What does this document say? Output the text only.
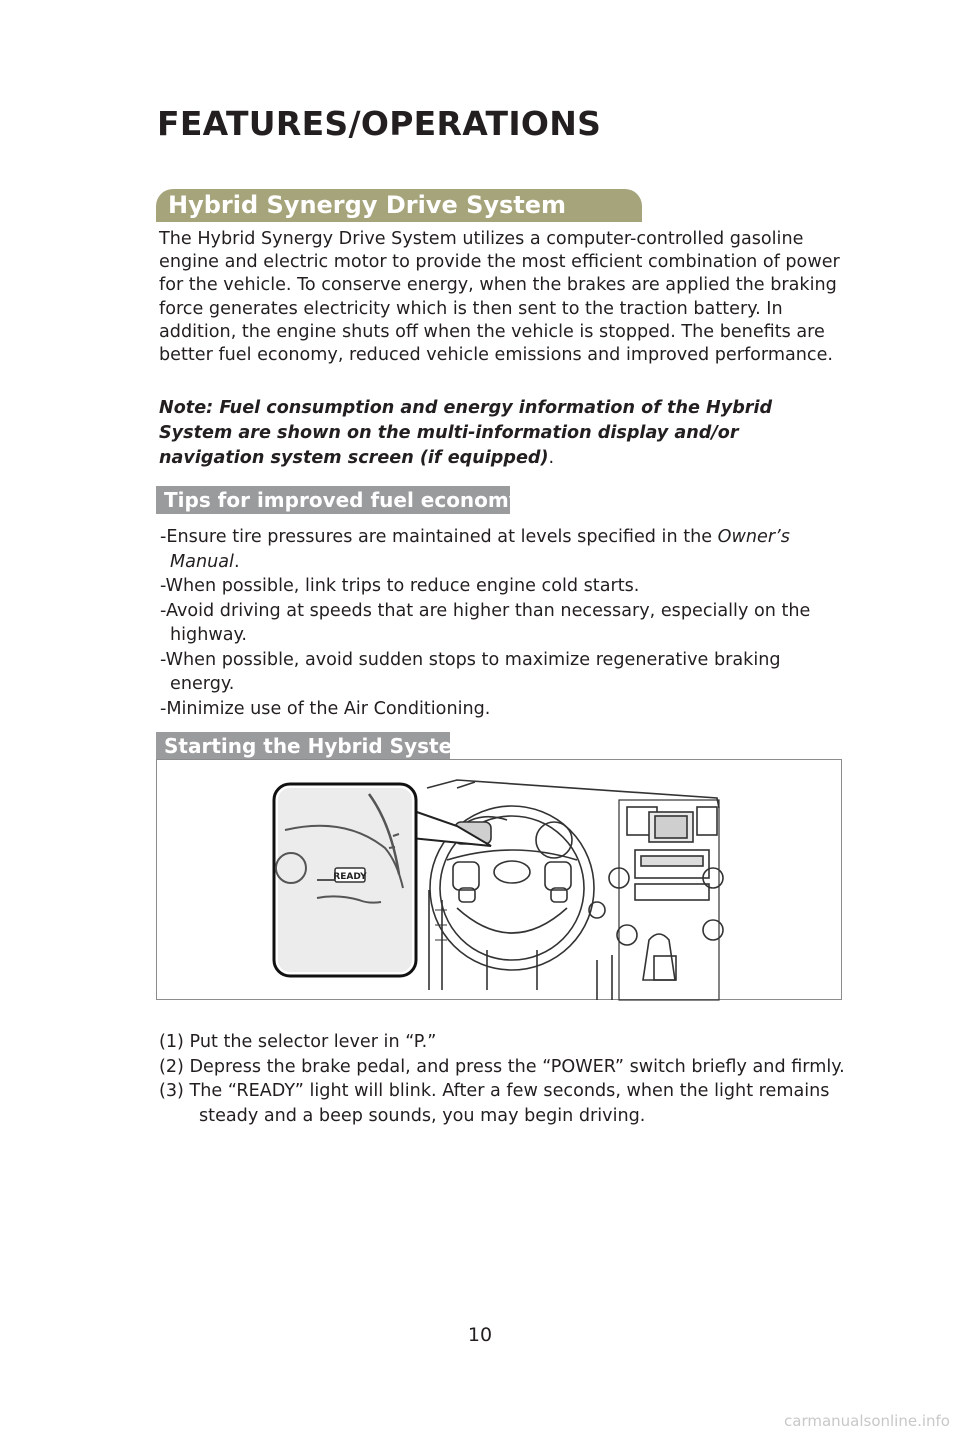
FEATURES/OPERATIONS
Hybrid Synergy Drive System

The Hybrid Synergy Drive System utilizes a computer-controlled gasoline engine and electric motor to provide the most efficient combination of power for the vehicle. To conserve energy, when the brakes are applied the braking force generates electricity which is then sent to the traction battery. In addition, the engine shuts off when the vehicle is stopped. The benefits are better fuel economy, reduced vehicle emissions and improved performance.

Note: Fuel consumption and energy information of the Hybrid System are shown on the multi-information display and/or navigation system screen (if equipped).

Tips for improved fuel economy
-Ensure tire pressures are maintained at levels specified in the Owner’s Manual.
-When possible, link trips to reduce engine cold starts.
-Avoid driving at speeds that are higher than necessary, especially on the highway.
-When possible, avoid sudden stops to maximize regenerative braking energy.
-Minimize use of the Air Conditioning.
Starting the Hybrid System
READY
(1) Put the selector lever in “P.”
(2) Depress the brake pedal, and press the “POWER” switch briefly and firmly.
(3) The “READY” light will blink. After a few seconds, when the light remains steady and a beep sounds, you may begin driving.
10
carmanualsonline.info
